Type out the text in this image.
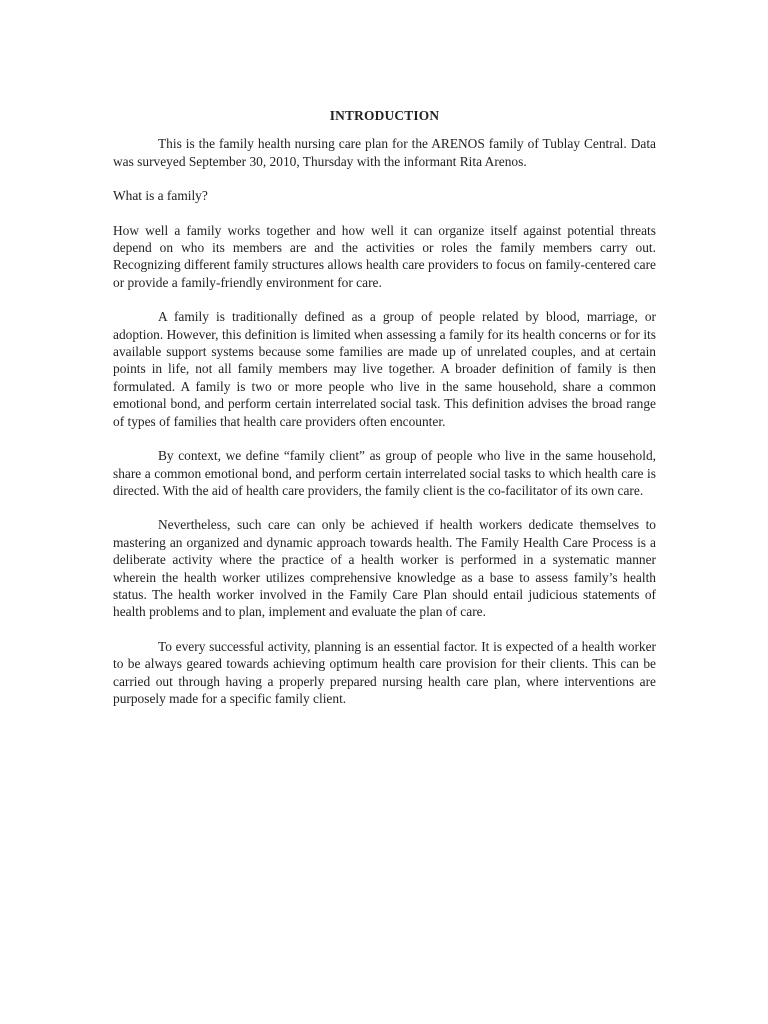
INTRODUCTION

This is the family health nursing care plan for the ARENOS family of Tublay Central. Data was surveyed September 30, 2010, Thursday with the informant Rita Arenos.

What is a family?

How well a family works together and how well it can organize itself against potential threats depend on who its members are and the activities or roles the family members carry out. Recognizing different family structures allows health care providers to focus on family-centered care or provide a family-friendly environment for care.

A family is traditionally defined as a group of people related by blood, marriage, or adoption. However, this definition is limited when assessing a family for its health concerns or for its available support systems because some families are made up of unrelated couples, and at certain points in life, not all family members may live together. A broader definition of family is then formulated. A family is two or more people who live in the same household, share a common emotional bond, and perform certain interrelated social task. This definition advises the broad range of types of families that health care providers often encounter.

By context, we define “family client” as group of people who live in the same household, share a common emotional bond, and perform certain interrelated social tasks to which health care is directed. With the aid of health care providers, the family client is the co-facilitator of its own care.

Nevertheless, such care can only be achieved if health workers dedicate themselves to mastering an organized and dynamic approach towards health. The Family Health Care Process is a deliberate activity where the practice of a health worker is performed in a systematic manner wherein the health worker utilizes comprehensive knowledge as a base to assess family’s health status. The health worker involved in the Family Care Plan should entail judicious statements of health problems and to plan, implement and evaluate the plan of care.

To every successful activity, planning is an essential factor. It is expected of a health worker to be always geared towards achieving optimum health care provision for their clients. This can be carried out through having a properly prepared nursing health care plan, where interventions are purposely made for a specific family client.
